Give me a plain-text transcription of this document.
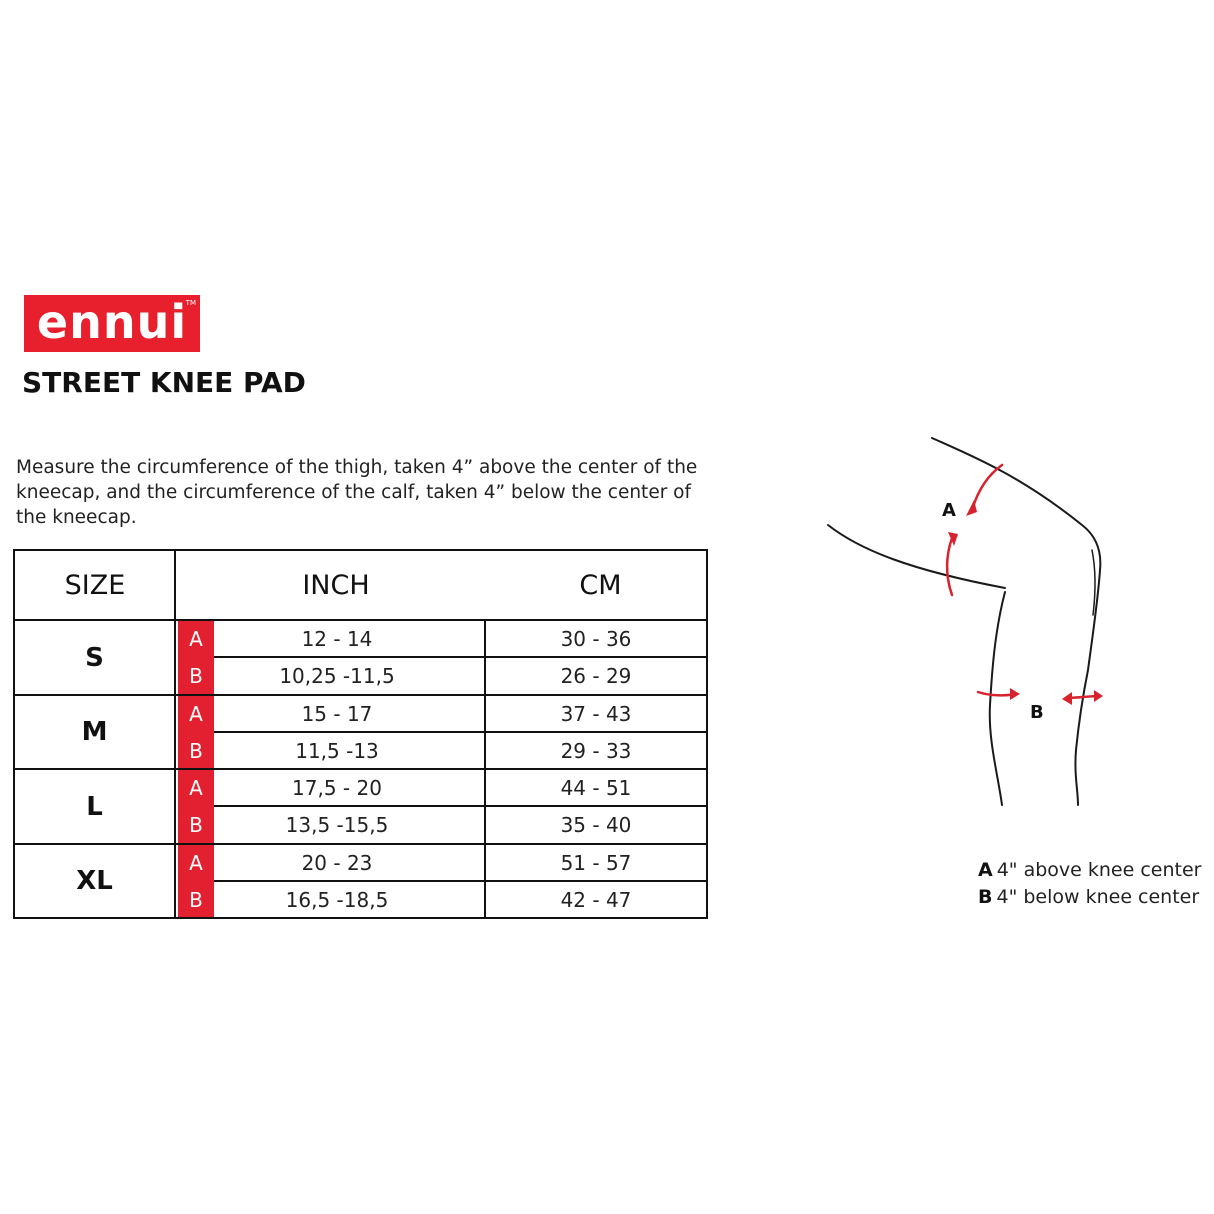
ennui
TM
STREET KNEE PAD
Measure the circumference of the thigh, taken 4” above the center of the kneecap, and the circumference of the calf, taken 4” below the center of the kneecap.
SIZE	INCH	CM
S
A
B
12 - 14
10,25 -11,5
30 - 36
26 - 29
M
A
B
15 - 17
11,5 -13
37 - 43
29 - 33
L
A
B
17,5 - 20
13,5 -15,5
44 - 51
35 - 40
XL
A
B
20 - 23
16,5 -18,5
51 - 57
42 - 47
A
B
A 4" above knee center
B 4" below knee center
